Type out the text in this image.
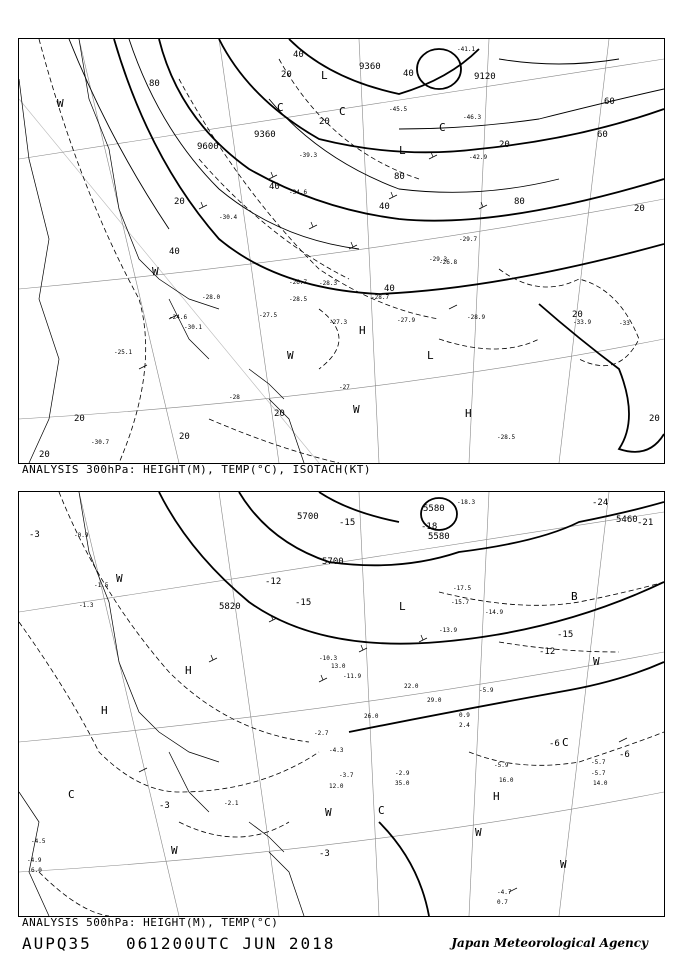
9360
9120
9360
9600
40
40
80
60
40
20
80
60
20
20
40
20
40
80
40
20
20
20
20
20
20
20
L
C
C
H
L
H
L
W
W
W
W
C
-41.1
-45.5
-46.3
-42.9
-39.3
-34.6
-30.4
-29.7
-28.3
-27.5
-26.7
-28.5
-28.9
-27.9	-33.9
-26.8
-28.7
-27.3
-30.1
-25.1
-28.0
-29.3
-24.6
-30.7
-28.5
-27
-28
-33
ANALYSIS 300hPa: HEIGHT(M), TEMP(°C), ISOTACH(KT)
5700
5580
5820
5700
5580
5460
-15
-12
-6
-3
-3
-3
-6
-15	-18
-24
-21
-15
-12
H
H
H
L
C
C
W
W
W
W
W
W
B
C
-18.3
-15.7
-14.9
-17.5
-13.9
-11.9
-10.3
-5.9
-5.9
-5.7
-4.9
-4.7
-4.3
-3.7	-2.9
-2.7
-2.1
-1.3
-1.5
-0.9
-5.7
-4.5
16.0	14.0
12.0	35.0
13.0
6.0
0.7
0.9
2.4
22.0
29.0
26.0
ANALYSIS 500hPa: HEIGHT(M), TEMP(°C)
AUPQ35 061200UTC JUN 2018	Japan Meteorological Agency
